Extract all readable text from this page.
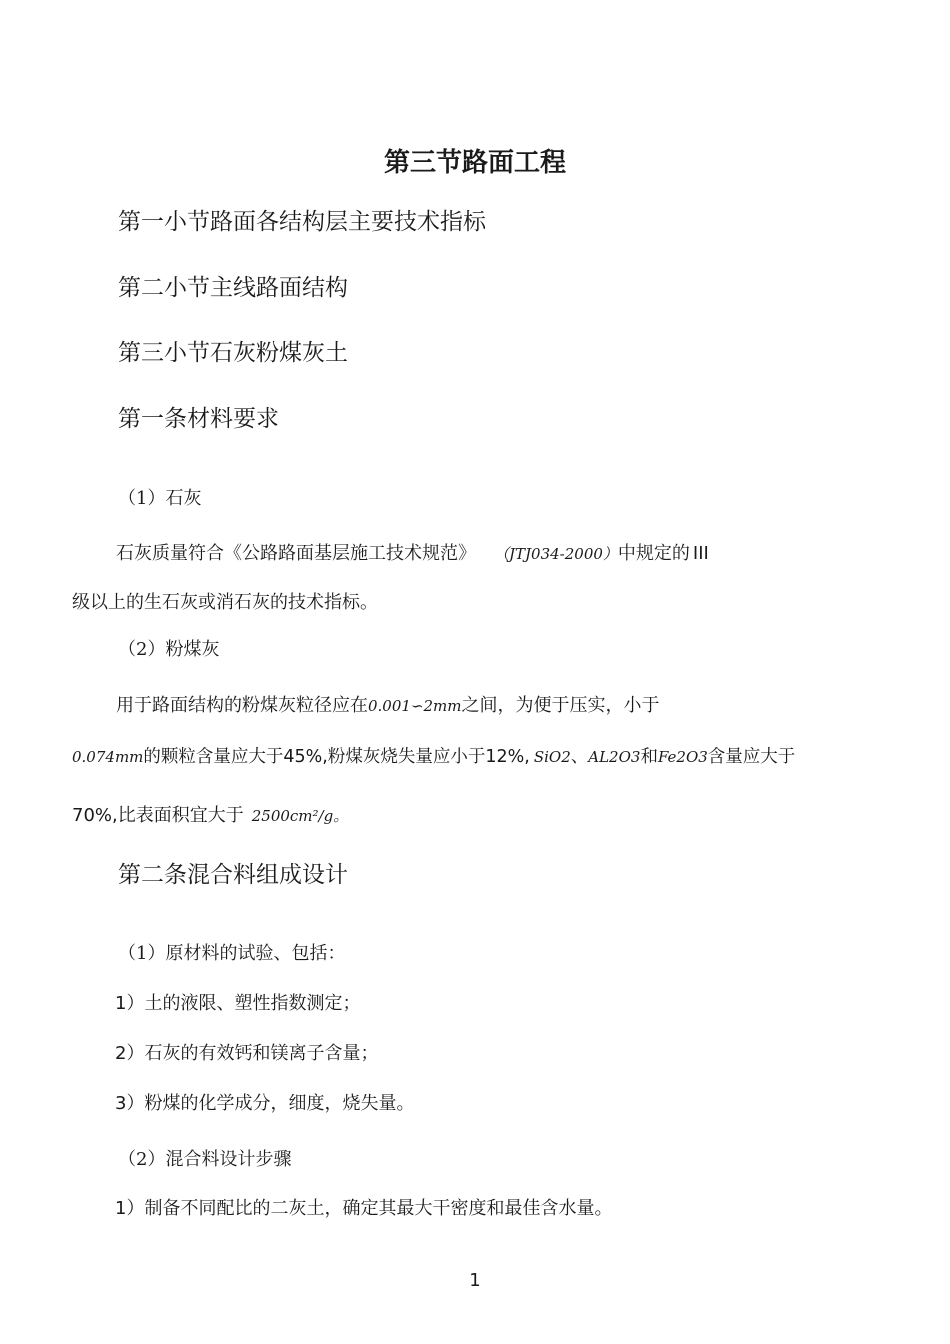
第三节路面工程
第一小节路面各结构层主要技术指标
第二小节主线路面结构
第三小节石灰粉煤灰土
第一条材料要求
（1）石灰
石灰质量符合《公路路面基层施工技术规范》 （JTJ034-2000）中规定的 III
级以上的生石灰或消石灰的技术指标。
（2）粉煤灰
用于路面结构的粉煤灰粒径应在0.001∽2mm之间，为便于压实，小于
0.074mm的颗粒含量应大于45%,粉煤灰烧失量应小于12%, SiO2、AL2O3和Fe2O3含量应大于
70%,比表面积宜大于 2500cm²/g。
第二条混合料组成设计
（1）原材料的试验、包括：
1）土的液限、塑性指数测定；
2）石灰的有效钙和镁离子含量；
3）粉煤的化学成分，细度，烧失量。
（2）混合料设计步骤
1）制备不同配比的二灰土，确定其最大干密度和最佳含水量。
1
